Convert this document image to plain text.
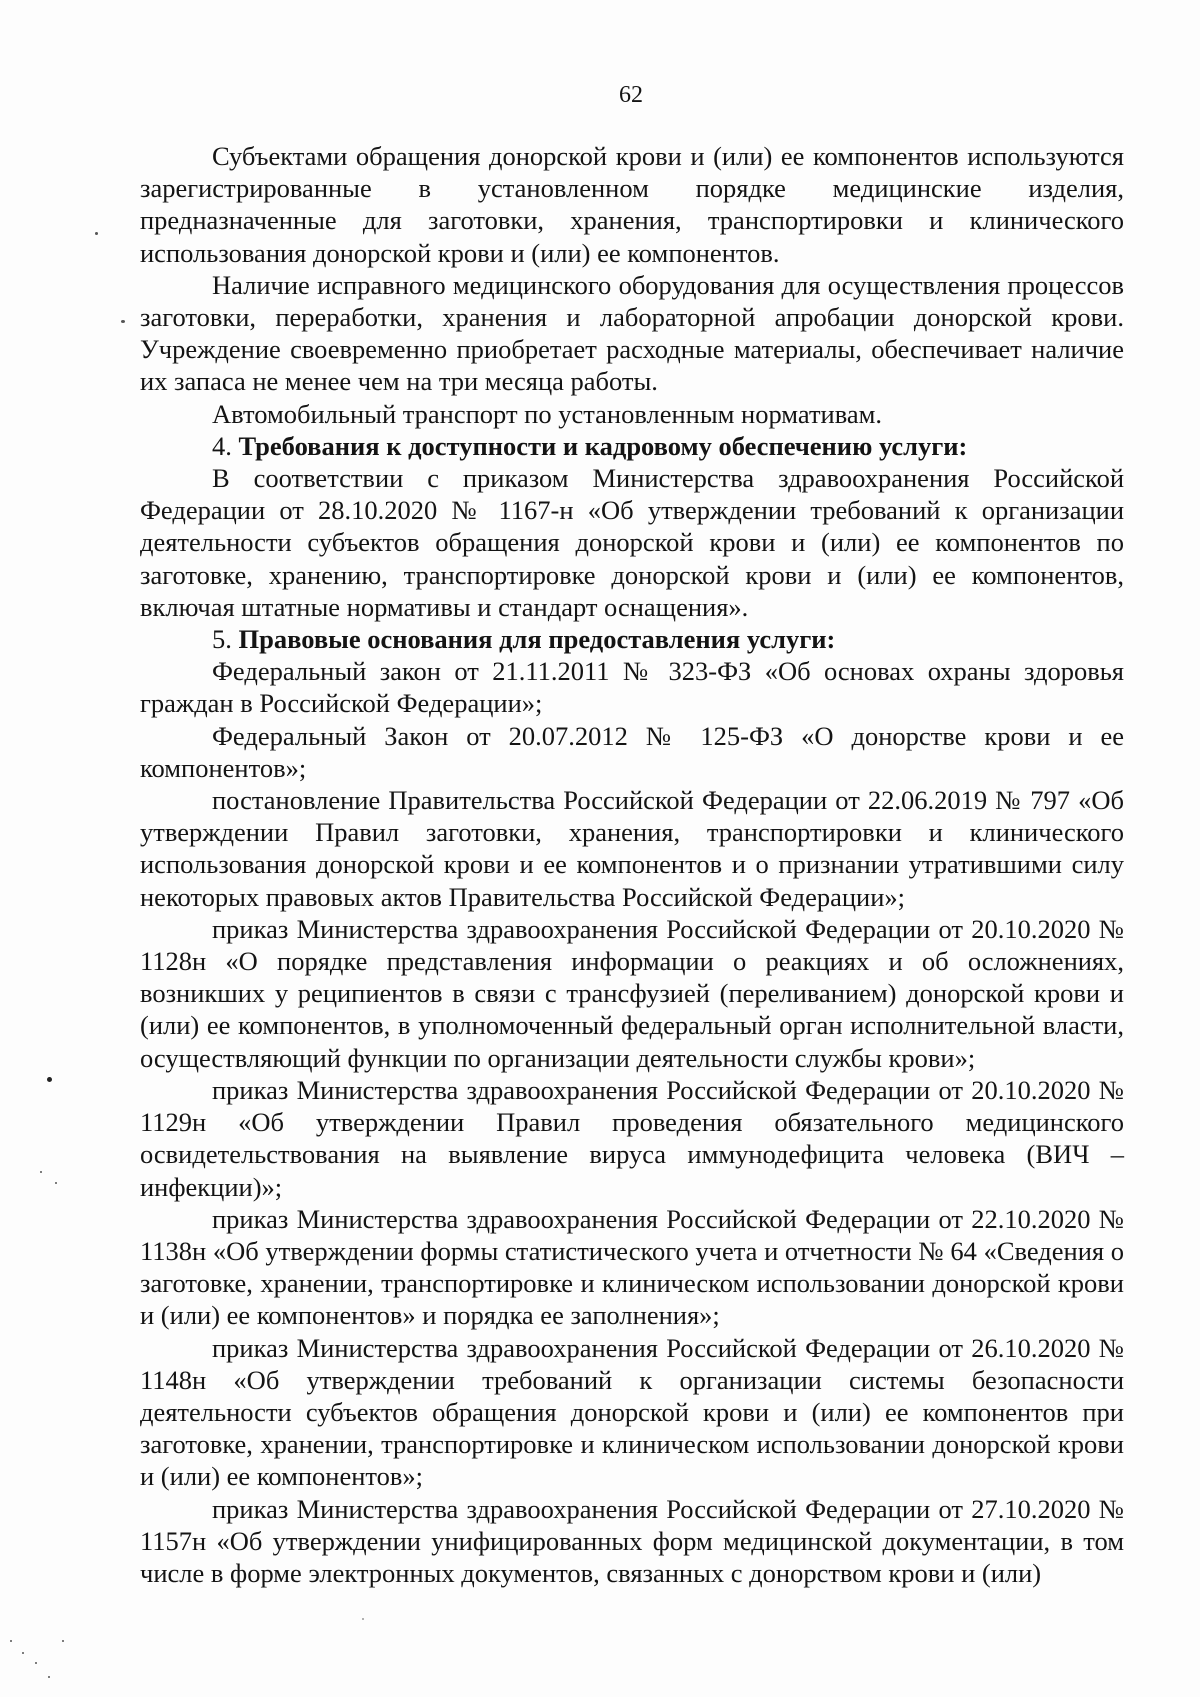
62

Субъектами обращения донорской крови и (или) ее компонентов используются зарегистрированные в установленном порядке медицинские изделия, предназначенные для заготовки, хранения, транспортировки и клинического использования донорской крови и (или) ее компонентов.

Наличие исправного медицинского оборудования для осуществления процессов заготовки, переработки, хранения и лабораторной апробации донорской крови. Учреждение своевременно приобретает расходные материалы, обеспечивает наличие их запаса не менее чем на три месяца работы.

Автомобильный транспорт по установленным нормативам.

4. Требования к доступности и кадровому обеспечению услуги:

В соответствии с приказом Министерства здравоохранения Российской Федерации от 28.10.2020 № 1167-н «Об утверждении требований к организации деятельности субъектов обращения донорской крови и (или) ее компонентов по заготовке, хранению, транспортировке донорской крови и (или) ее компонентов, включая штатные нормативы и стандарт оснащения».

5. Правовые основания для предоставления услуги:

Федеральный закон от 21.11.2011 № 323-ФЗ «Об основах охраны здоровья граждан в Российской Федерации»;

Федеральный Закон от 20.07.2012 № 125-ФЗ «О донорстве крови и ее компонентов»;

постановление Правительства Российской Федерации от 22.06.2019 № 797 «Об утверждении Правил заготовки, хранения, транспортировки и клинического использования донорской крови и ее компонентов и о признании утратившими силу некоторых правовых актов Правительства Российской Федерации»;

приказ Министерства здравоохранения Российской Федерации от 20.10.2020 № 1128н «О порядке представления информации о реакциях и об осложнениях, возникших у реципиентов в связи с трансфузией (переливанием) донорской крови и (или) ее компонентов, в уполномоченный федеральный орган исполнительной власти, осуществляющий функции по организации деятельности службы крови»;

приказ Министерства здравоохранения Российской Федерации от 20.10.2020 № 1129н «Об утверждении Правил проведения обязательного медицинского освидетельствования на выявление вируса иммунодефицита человека (ВИЧ – инфекции)»;

приказ Министерства здравоохранения Российской Федерации от 22.10.2020 № 1138н «Об утверждении формы статистического учета и отчетности № 64 «Сведения о заготовке, хранении, транспортировке и клиническом использовании донорской крови и (или) ее компонентов» и порядка ее заполнения»;

приказ Министерства здравоохранения Российской Федерации от 26.10.2020 № 1148н «Об утверждении требований к организации системы безопасности деятельности субъектов обращения донорской крови и (или) ее компонентов при заготовке, хранении, транспортировке и клиническом использовании донорской крови и (или) ее компонентов»;

приказ Министерства здравоохранения Российской Федерации от 27.10.2020 № 1157н «Об утверждении унифицированных форм медицинской документации, в том числе в форме электронных документов, связанных с донорством крови и (или)
